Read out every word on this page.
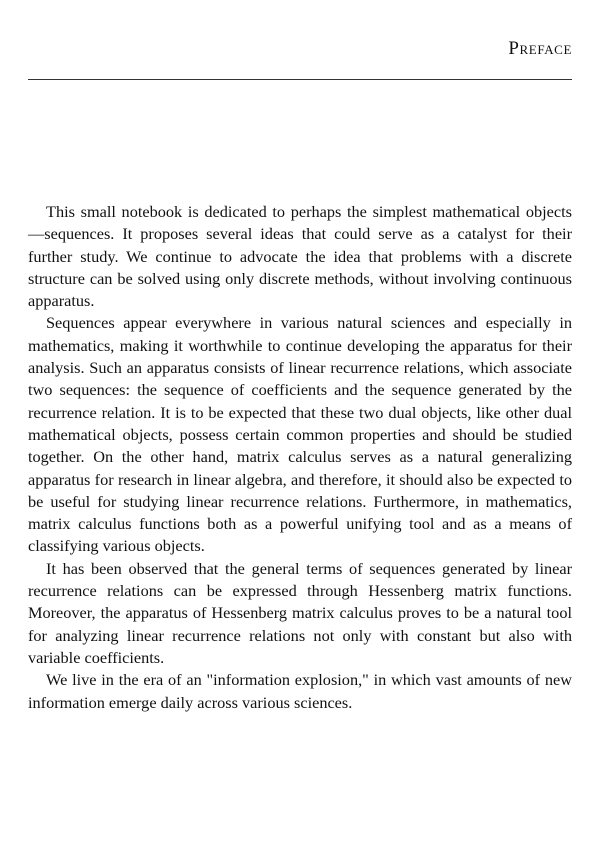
Preface

This small notebook is dedicated to perhaps the simplest mathematical objects—sequences. It proposes several ideas that could serve as a catalyst for their further study. We continue to advocate the idea that problems with a discrete structure can be solved using only discrete methods, without involving continuous apparatus.

Sequences appear everywhere in various natural sciences and especially in mathematics, making it worthwhile to continue developing the apparatus for their analysis. Such an apparatus consists of linear recurrence relations, which associate two sequences: the sequence of coefficients and the sequence generated by the recurrence relation. It is to be expected that these two dual objects, like other dual mathematical objects, possess certain common properties and should be studied together. On the other hand, matrix calculus serves as a natural generalizing apparatus for research in linear algebra, and therefore, it should also be expected to be useful for studying linear recurrence relations. Furthermore, in mathematics, matrix calculus functions both as a powerful unifying tool and as a means of classifying various objects.

It has been observed that the general terms of sequences generated by linear recurrence relations can be expressed through Hessenberg matrix functions. Moreover, the apparatus of Hessenberg matrix calculus proves to be a natural tool for analyzing linear recurrence relations not only with constant but also with variable coefficients.

We live in the era of an "information explosion," in which vast amounts of new information emerge daily across various sciences.
